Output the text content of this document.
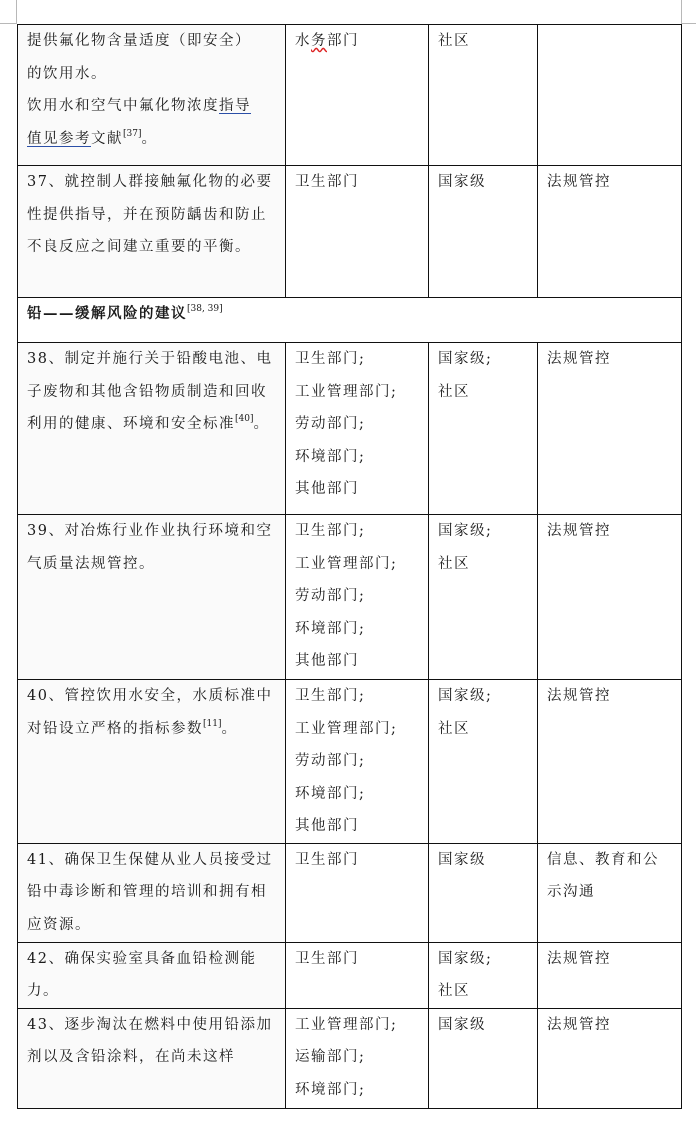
提供氟化物含量适度（即安全）
的饮用水。
饮用水和空气中氟化物浓度指导
值见参考文献[37]。	水务部门	社区	

37、就控制人群接触氟化物的必要性提供指导，并在预防龋齿和防止不良反应之间建立重要的平衡。	卫生部门	国家级	法规管控
铅——缓解风险的建议[38, 39]
38、制定并施行关于铅酸电池、电子废物和其他含铅物质制造和回收利用的健康、环境和安全标准[40]。	卫生部门;
工业管理部门;
劳动部门;
环境部门;
其他部门	国家级;
社区	法规管控
39、对冶炼行业作业执行环境和空气质量法规管控。	卫生部门;
工业管理部门;
劳动部门;
环境部门;
其他部门	国家级;
社区	法规管控
40、管控饮用水安全，水质标准中对铅设立严格的指标参数[11]。	卫生部门;
工业管理部门;
劳动部门;
环境部门;
其他部门	国家级;
社区	法规管控
41、确保卫生保健从业人员接受过铅中毒诊断和管理的培训和拥有相应资源。	卫生部门	国家级	信息、教育和公示沟通
42、确保实验室具备血铅检测能力。	卫生部门	国家级;
社区	法规管控
43、逐步淘汰在燃料中使用铅添加剂以及含铅涂料，在尚未这样	工业管理部门;
运输部门;
环境部门;	国家级	法规管控
